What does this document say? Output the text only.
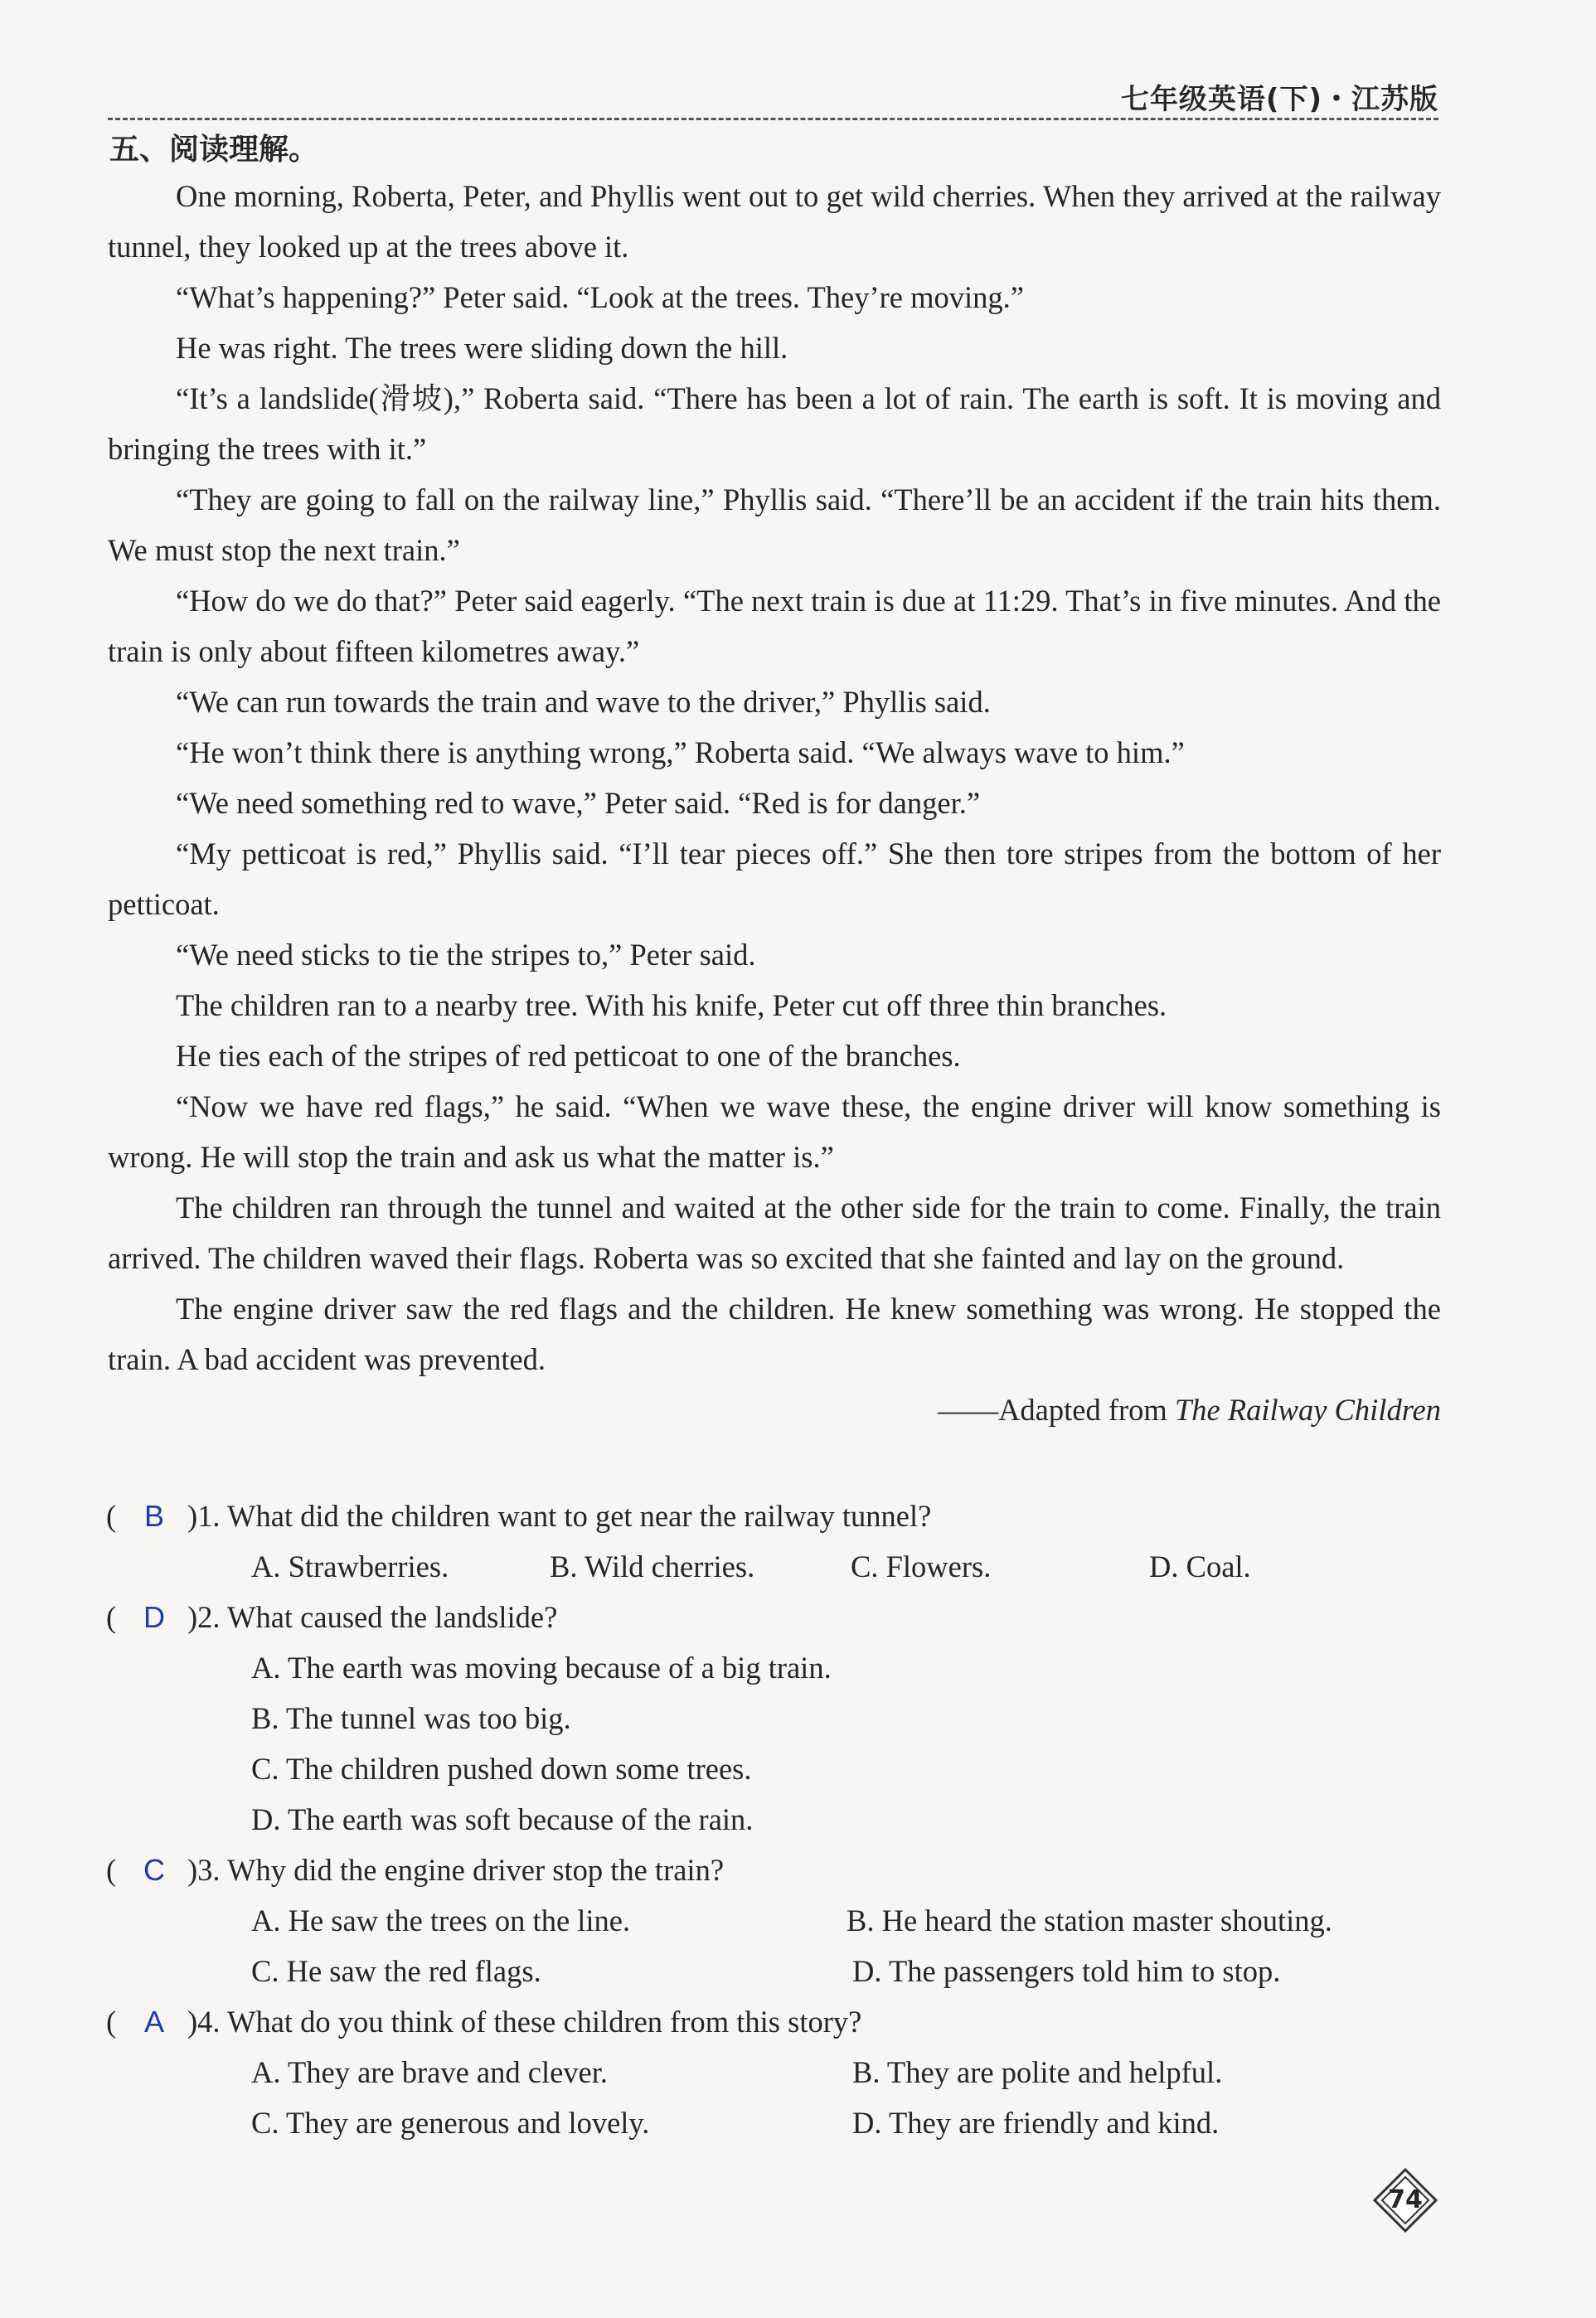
七年级英语(下)・江苏版
五、阅读理解。

One morning, Roberta, Peter, and Phyllis went out to get wild cherries. When they arrived at the railway tunnel, they looked up at the trees above it.

“What’s happening?” Peter said. “Look at the trees. They’re moving.”

He was right. The trees were sliding down the hill.

“It’s a landslide(滑坡),” Roberta said. “There has been a lot of rain. The earth is soft. It is moving and bringing the trees with it.”

“They are going to fall on the railway line,” Phyllis said. “There’ll be an accident if the train hits them. We must stop the next train.”

“How do we do that?” Peter said eagerly. “The next train is due at 11:29. That’s in five minutes. And the train is only about fifteen kilometres away.”

“We can run towards the train and wave to the driver,” Phyllis said.

“He won’t think there is anything wrong,” Roberta said. “We always wave to him.”

“We need something red to wave,” Peter said. “Red is for danger.”

“My petticoat is red,” Phyllis said. “I’ll tear pieces off.” She then tore stripes from the bottom of her petticoat.

“We need sticks to tie the stripes to,” Peter said.

The children ran to a nearby tree. With his knife, Peter cut off three thin branches.

He ties each of the stripes of red petticoat to one of the branches.

“Now we have red flags,” he said. “When we wave these, the engine driver will know something is wrong. He will stop the train and ask us what the matter is.”

The children ran through the tunnel and waited at the other side for the train to come. Finally, the train arrived. The children waved their flags. Roberta was so excited that she fainted and lay on the ground.

The engine driver saw the red flags and the children. He knew something was wrong. He stopped the train. A bad accident was prevented.

——Adapted from The Railway Children
( B )1. What did the children want to get near the railway tunnel?
A. Strawberries.	B. Wild cherries.	C. Flowers.	D. Coal.
( D )2. What caused the landslide?
A. The earth was moving because of a big train.
B. The tunnel was too big.
C. The children pushed down some trees.
D. The earth was soft because of the rain.
( C )3. Why did the engine driver stop the train?
A. He saw the trees on the line.	B. He heard the station master shouting.
C. He saw the red flags.	D. The passengers told him to stop.
( A )4. What do you think of these children from this story?
A. They are brave and clever.	B. They are polite and helpful.
C. They are generous and lovely.	D. They are friendly and kind.
74
